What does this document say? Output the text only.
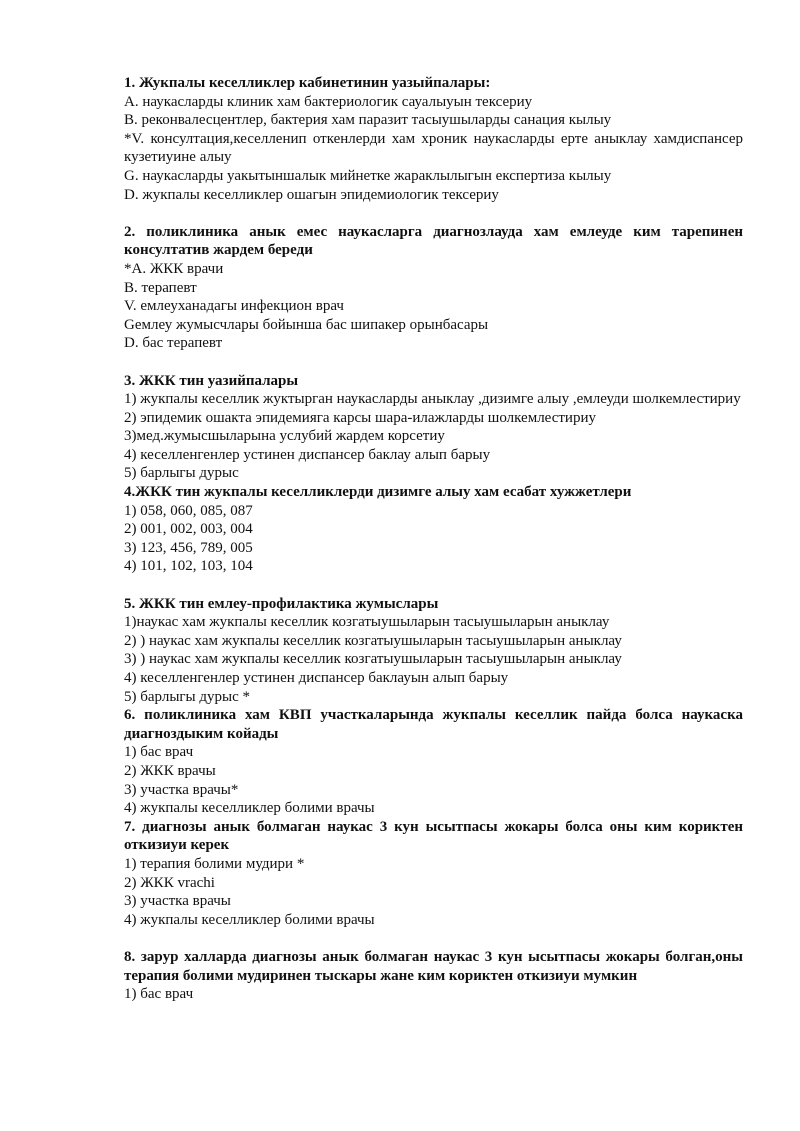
1. Жукпалы кеселликлер кабинетинин уазыйпалары:

A. наукасларды клиник хам бактериологик сауалыуын тексериу

B. реконвалесцентлер, бактерия хам паразит тасыушыларды санация кылыу

*V. консултация,кеселленип откенлерди хам хроник наукасларды ерте аныклау хамдиспансер кузетиуине алыу

G. наукасларды уакытыншалык мийнетке жараклылыгын експертиза кылыу

D. жукпалы кеселликлер ошагын эпидемиологик тексериу

2. поликлиника анык емес наукасларга диагнозлауда хам емлеуде ким тарепинен консултатив жардем береди

*A. ЖКК врачи

B. терапевт

V. емлеуханадагы инфекцион врач

Gемлеу жумысчлары бойынша бас шипакер орынбасары

D. бас терапевт

3. ЖКК тин уазийпалары

1) жукпалы кеселлик жуктырган наукасларды аныклау ,дизимге алыу ,емлеуди шолкемлестириу

2) эпидемик ошакта эпидемияга карсы шара-илажларды шолкемлестириу

3)мед.жумысшыларына услубий жардем корсетиу

4) кеселленгенлер устинен диспансер баклау алып барыу

5) барлыгы дурыс

4.ЖКК тин жукпалы кеселликлерди дизимге алыу хам есабат хужжетлери

1) 058, 060, 085, 087

2) 001, 002, 003, 004

3) 123, 456, 789, 005

4) 101, 102, 103, 104

5. ЖКК тин емлеу-профилактика жумыслары

1)наукас хам жукпалы кеселлик козгатыушыларын тасыушыларын аныклау

2) ) наукас хам жукпалы кеселлик козгатыушыларын тасыушыларын аныклау

3) ) наукас хам жукпалы кеселлик козгатыушыларын тасыушыларын аныклау

4) кеселленгенлер устинен диспансер баклауын алып барыу

5) барлыгы дурыс *

6. поликлиника хам КВП участкаларында жукпалы кеселлик пайда болса наукаска диагноздыким койады

1) бас врач

2) ЖКК врачы

3) участка врачы*

4) жукпалы кеселликлер болими врачы

7. диагнозы анык болмаган наукас 3 кун ысытпасы жокары болса оны ким кориктен откизиуи керек

1) терапия болими мудири *

2) ЖКК vrachi

3) участка врачы

4) жукпалы кеселликлер болими врачы

8. зарур халларда диагнозы анык болмаган наукас 3 кун ысытпасы жокары болган,оны терапия болими мудиринен тыскары жане ким кориктен откизиуи мумкин

1) бас врач
